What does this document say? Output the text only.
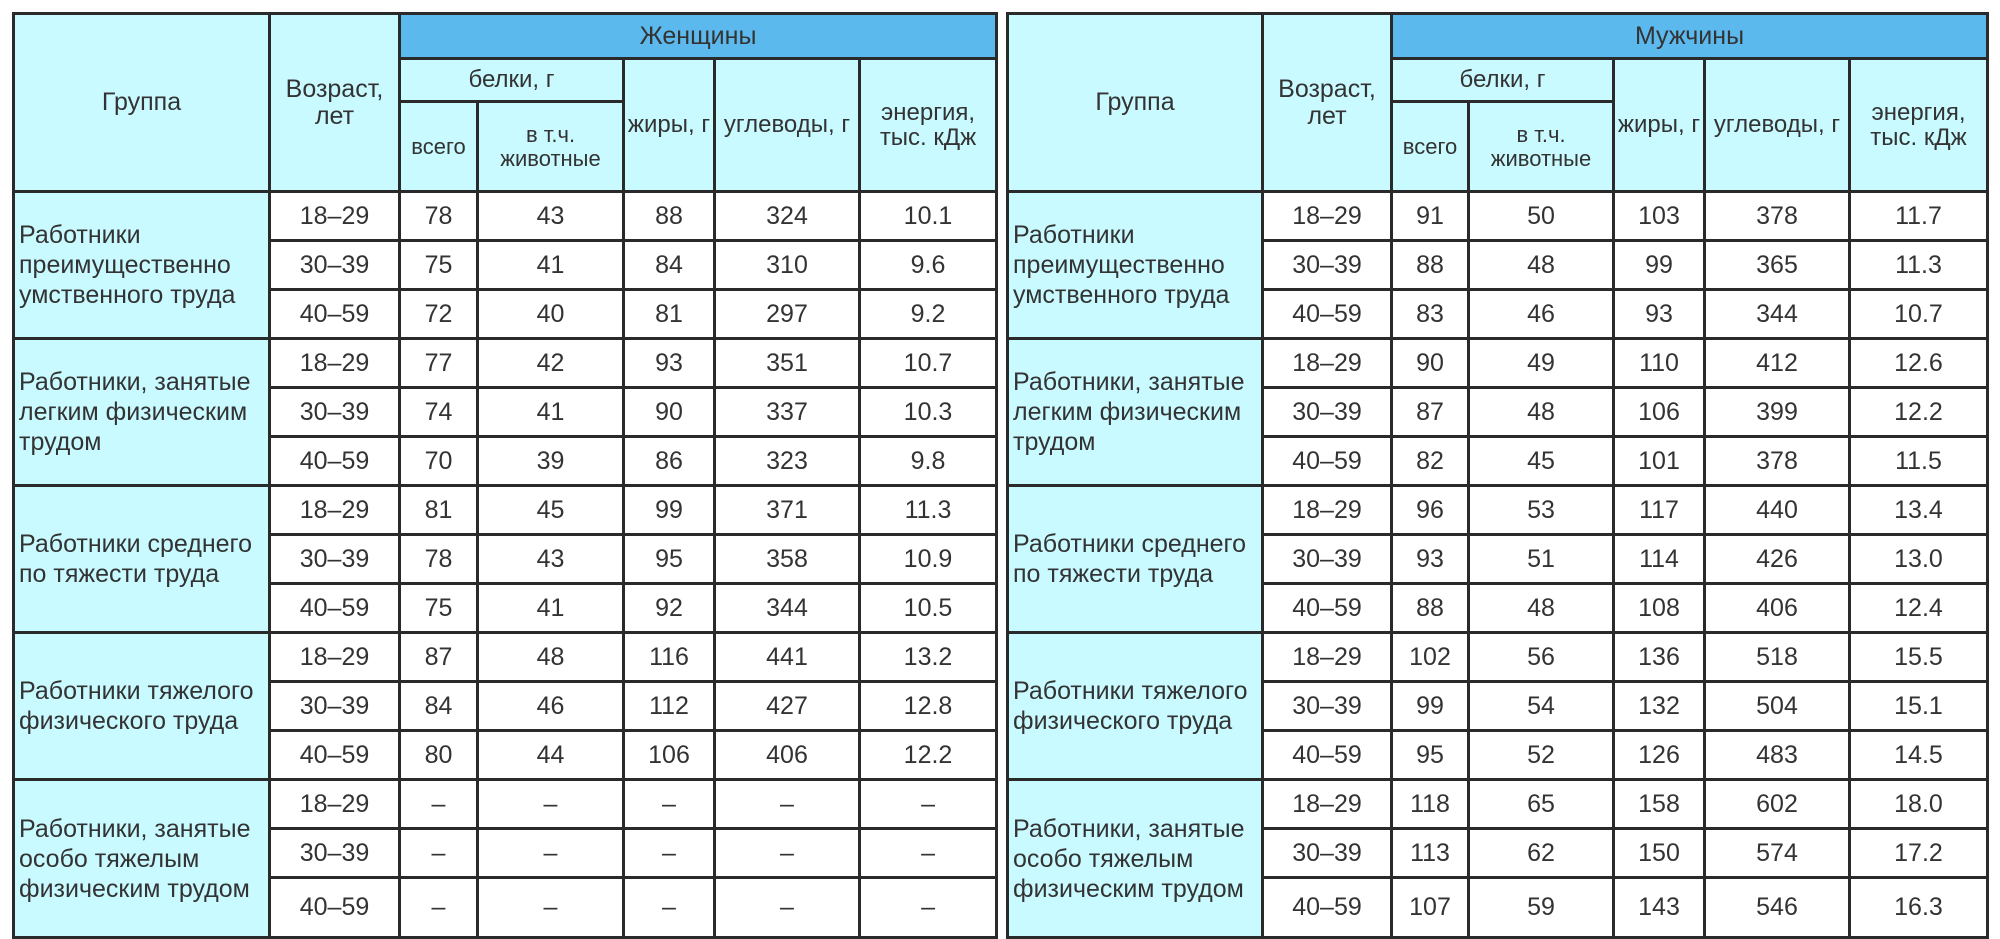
Группа	Возраст, лет	Женщины				
		белки, г		жиры, г	углеводы, г	энергия, тыс. кДж
		всего	в т.ч. животные			
Работники преимущественно умственного труда	18–29	78	43	88	324	10.1
	30–39	75	41	84	310	9.6
	40–59	72	40	81	297	9.2
Работники, занятые легким физическим трудом	18–29	77	42	93	351	10.7
	30–39	74	41	90	337	10.3
	40–59	70	39	86	323	9.8
Работники среднего по тяжести труда	18–29	81	45	99	371	11.3
	30–39	78	43	95	358	10.9
	40–59	75	41	92	344	10.5
Работники тяжелого физического труда	18–29	87	48	116	441	13.2
	30–39	84	46	112	427	12.8
	40–59	80	44	106	406	12.2
Работники, занятые особо тяжелым физическим трудом	18–29	–	–	–	–	–
	30–39	–	–	–	–	–
	40–59	–	–	–	–	–
Группа	Возраст, лет	Мужчины				
		белки, г		жиры, г	углеводы, г	энергия, тыс. кДж
		всего	в т.ч. животные			
Работники преимущественно умственного труда	18–29	91	50	103	378	11.7
	30–39	88	48	99	365	11.3
	40–59	83	46	93	344	10.7
Работники, занятые легким физическим трудом	18–29	90	49	110	412	12.6
	30–39	87	48	106	399	12.2
	40–59	82	45	101	378	11.5
Работники среднего по тяжести труда	18–29	96	53	117	440	13.4
	30–39	93	51	114	426	13.0
	40–59	88	48	108	406	12.4
Работники тяжелого физического труда	18–29	102	56	136	518	15.5
	30–39	99	54	132	504	15.1
	40–59	95	52	126	483	14.5
Работники, занятые особо тяжелым физическим трудом	18–29	118	65	158	602	18.0
	30–39	113	62	150	574	17.2
	40–59	107	59	143	546	16.3
